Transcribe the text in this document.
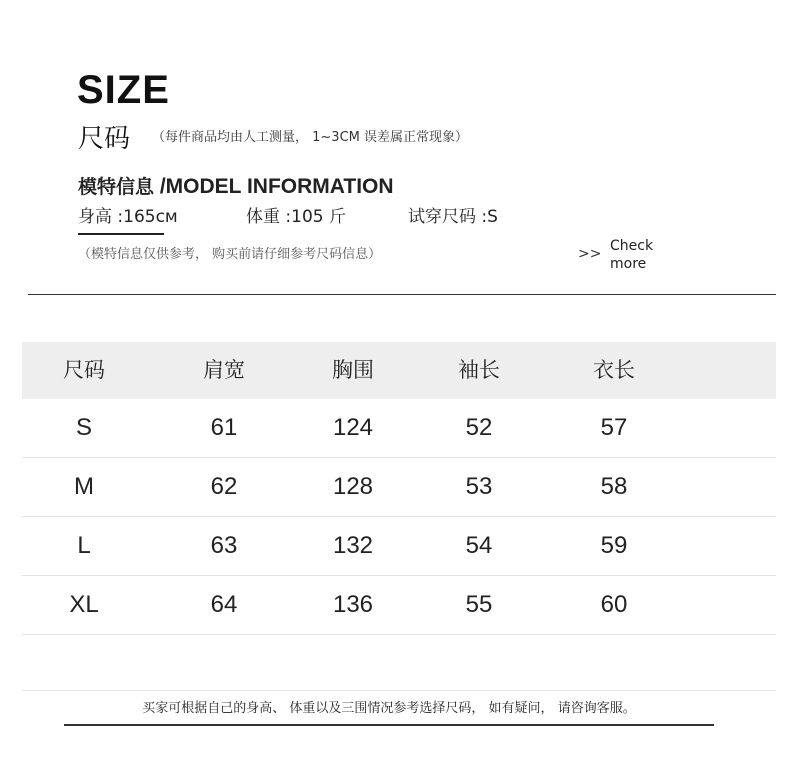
SIZE
尺码 （每件商品均由人工测量， 1~3CM 误差属正常现象）
模特信息 /MODEL INFORMATION
身高 :165cм	体重 :105 斤	试穿尺码 :S
（模特信息仅供参考， 购买前请仔细参考尺码信息）	>> Check
more
尺码	肩宽	胸围	袖长	衣长
S	61	124	52	57
M	62	128	53	58
L	63	132	54	59
XL	64	136	55	60
买家可根据自己的身高、 体重以及三围情况参考选择尺码， 如有疑问， 请咨询客服。
